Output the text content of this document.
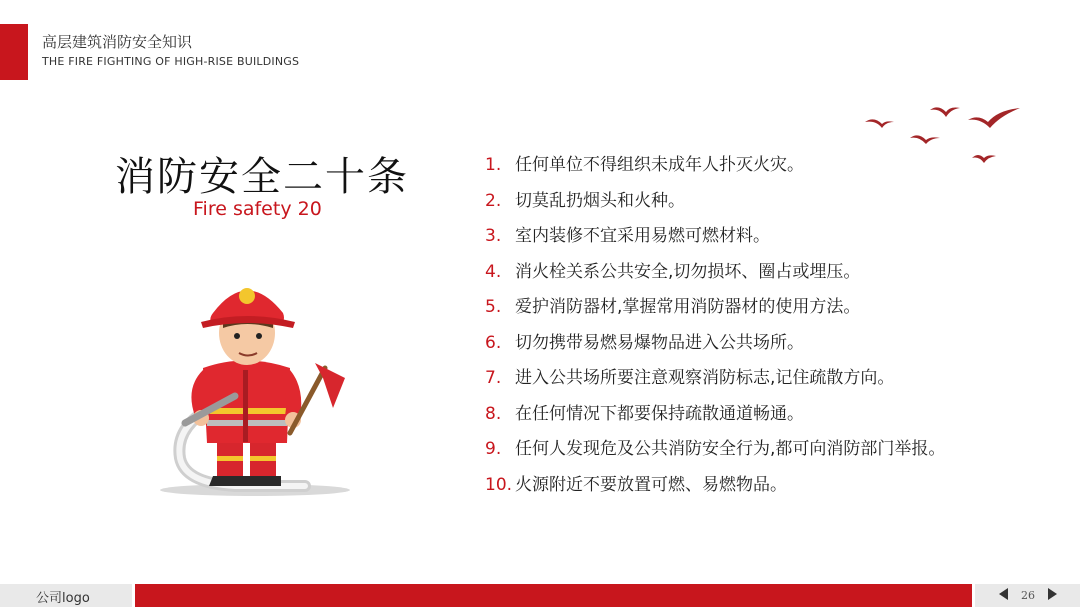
高层建筑消防安全知识
THE FIRE FIGHTING OF HIGH-RISE BUILDINGS
消防安全二十条
Fire safety 20
1. 任何单位不得组织未成年人扑灭火灾。
2. 切莫乱扔烟头和火种。
3. 室内装修不宜采用易燃可燃材料。
4. 消火栓关系公共安全,切勿损坏、圈占或埋压。
5. 爱护消防器材,掌握常用消防器材的使用方法。
6. 切勿携带易燃易爆物品进入公共场所。
7. 进入公共场所要注意观察消防标志,记住疏散方向。
8. 在任何情况下都要保持疏散通道畅通。
9. 任何人发现危及公共消防安全行为,都可向消防部门举报。
10. 火源附近不要放置可燃、易燃物品。
公司logo	26
